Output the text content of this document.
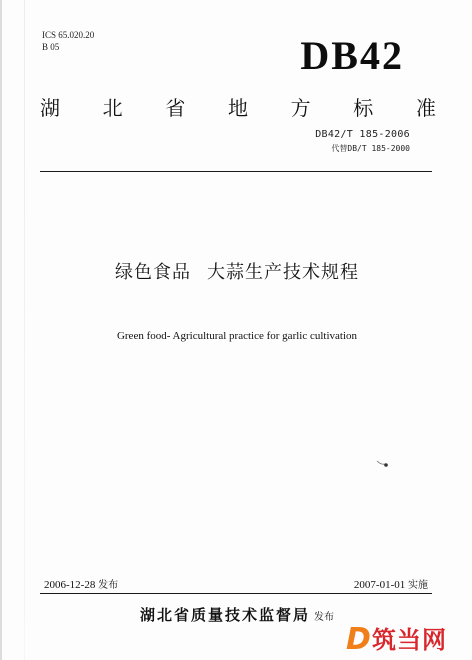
ICS 65.020.20
B 05	DB42
湖 北 省 地 方 标 准
DB42/T 185-2006
代替DB/T 185-2000
绿色食品 大蒜生产技术规程
Green food- Agricultural practice for garlic cultivation
2006-12-28 发布	2007-01-01 实施
湖北省质量技术监督局 发布
D 筑当网
